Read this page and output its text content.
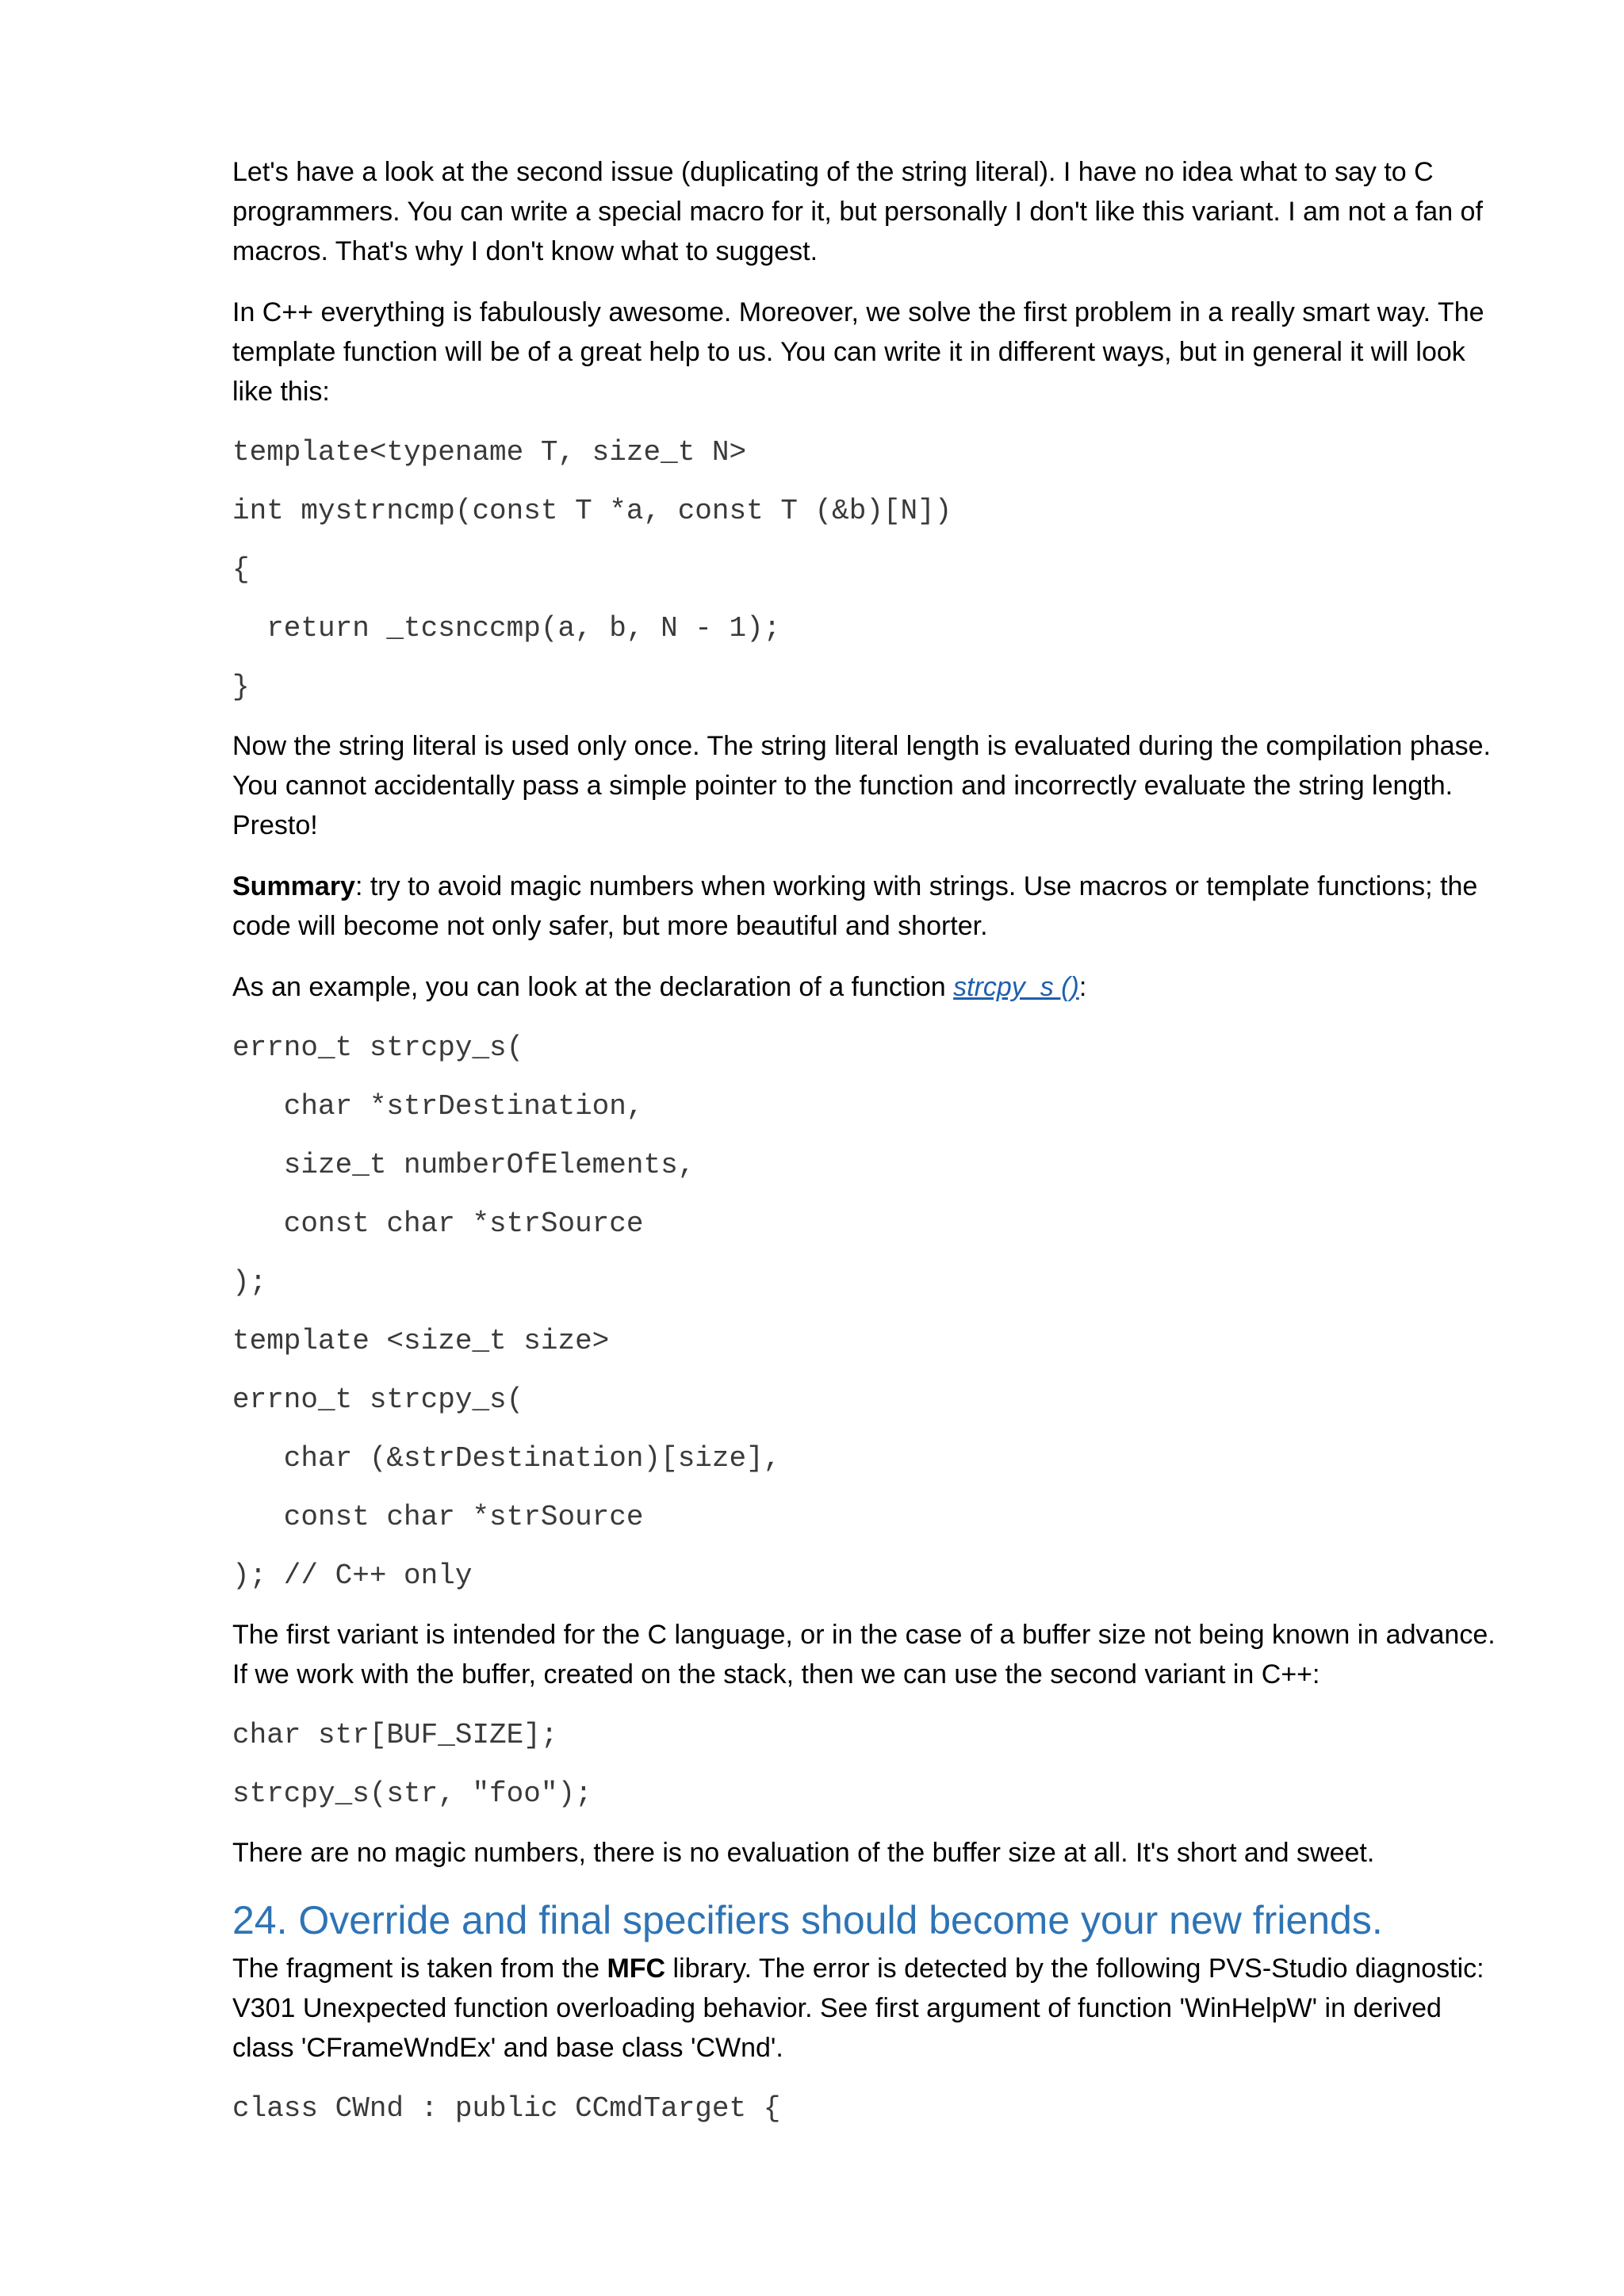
Let's have a look at the second issue (duplicating of the string literal). I have no idea what to say to C programmers. You can write a special macro for it, but personally I don't like this variant. I am not a fan of macros. That's why I don't know what to suggest.

In C++ everything is fabulously awesome. Moreover, we solve the first problem in a really smart way. The template function will be of a great help to us. You can write it in different ways, but in general it will look like this:

template<typename T, size_t N>
int mystrncmp(const T *a, const T (&b)[N])
{
return _tcsnccmp(a, b, N - 1);
}

Now the string literal is used only once. The string literal length is evaluated during the compilation phase. You cannot accidentally pass a simple pointer to the function and incorrectly evaluate the string length. Presto!

Summary: try to avoid magic numbers when working with strings. Use macros or template functions; the code will become not only safer, but more beautiful and shorter.

As an example, you can look at the declaration of a function strcpy_s ():

errno_t strcpy_s(
char *strDestination,
size_t numberOfElements,
const char *strSource
);
template <size_t size>
errno_t strcpy_s(
char (&strDestination)[size],
const char *strSource
); // C++ only

The first variant is intended for the C language, or in the case of a buffer size not being known in advance. If we work with the buffer, created on the stack, then we can use the second variant in C++:

char str[BUF_SIZE];
strcpy_s(str, "foo");

There are no magic numbers, there is no evaluation of the buffer size at all. It's short and sweet.

24. Override and final specifiers should become your new friends.

The fragment is taken from the MFC library. The error is detected by the following PVS-Studio diagnostic: V301 Unexpected function overloading behavior. See first argument of function 'WinHelpW' in derived class 'CFrameWndEx' and base class 'CWnd'.

class CWnd : public CCmdTarget {
